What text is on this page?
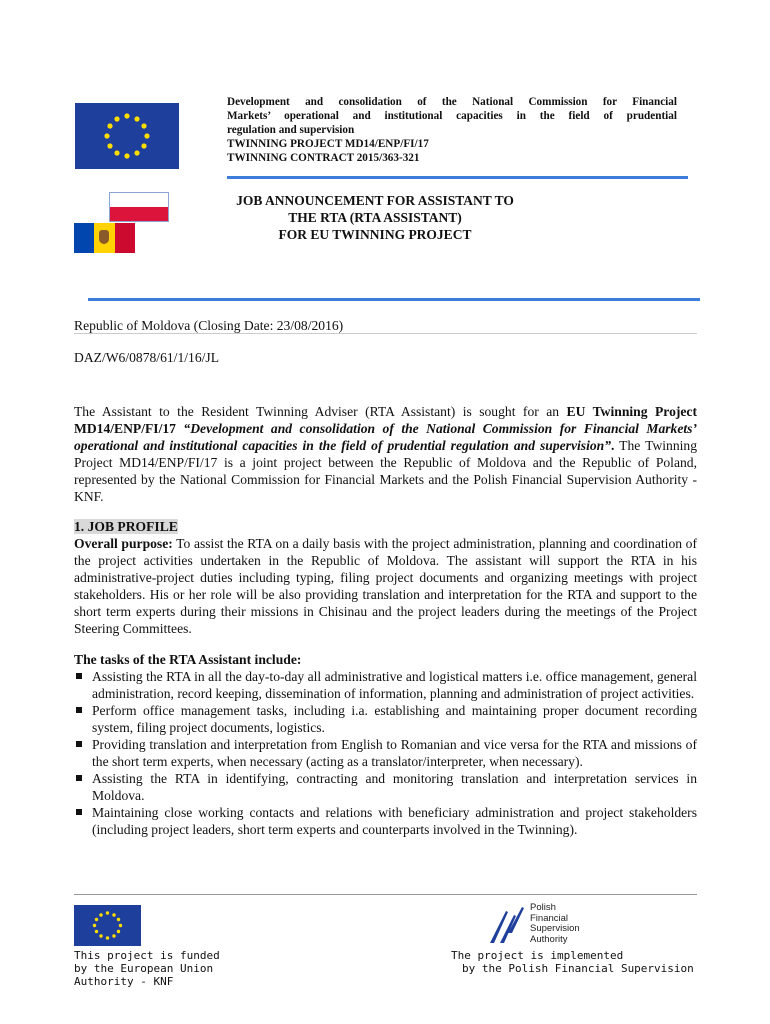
Development and consolidation of the National Commission for Financial
Markets’ operational and institutional capacities in the field of prudential
regulation and supervision
TWINNING PROJECT MD14/ENP/FI/17
TWINNING CONTRACT 2015/363-321
JOB ANNOUNCEMENT FOR ASSISTANT TO
THE RTA (RTA ASSISTANT)
FOR EU TWINNING PROJECT
Republic of Moldova (Closing Date: 23/08/2016)
DAZ/W6/0878/61/1/16/JL
The Assistant to the Resident Twinning Adviser (RTA Assistant) is sought for an EU Twinning Project MD14/ENP/FI/17 “Development and consolidation of the National Commission for Financial Markets’ operational and institutional capacities in the field of prudential regulation and supervision”. The Twinning Project MD14/ENP/FI/17 is a joint project between the Republic of Moldova and the Republic of Poland, represented by the National Commission for Financial Markets and the Polish Financial Supervision Authority - KNF.
1. JOB PROFILE
Overall purpose: To assist the RTA on a daily basis with the project administration, planning and coordination of the project activities undertaken in the Republic of Moldova. The assistant will support the RTA in his administrative-project duties including typing, filing project documents and organizing meetings with project stakeholders. His or her role will be also providing translation and interpretation for the RTA and support to the short term experts during their missions in Chisinau and the project leaders during the meetings of the Project Steering Committees.
The tasks of the RTA Assistant include:
Assisting the RTA in all the day-to-day all administrative and logistical matters i.e. office management, general administration, record keeping, dissemination of information, planning and administration of project activities.
Perform office management tasks, including i.a. establishing and maintaining proper document recording system, filing project documents, logistics.
Providing translation and interpretation from English to Romanian and vice versa for the RTA and missions of the short term experts, when necessary (acting as a translator/interpreter, when necessary).
Assisting the RTA in identifying, contracting and monitoring translation and interpretation services in Moldova.
Maintaining close working contacts and relations with beneficiary administration and project stakeholders (including project leaders, short term experts and counterparts involved in the Twinning).
This project is funded
by the European Union
Authority - KNF
Polish
Financial
Supervision
Authority
The project is implemented
by the Polish Financial Supervision
